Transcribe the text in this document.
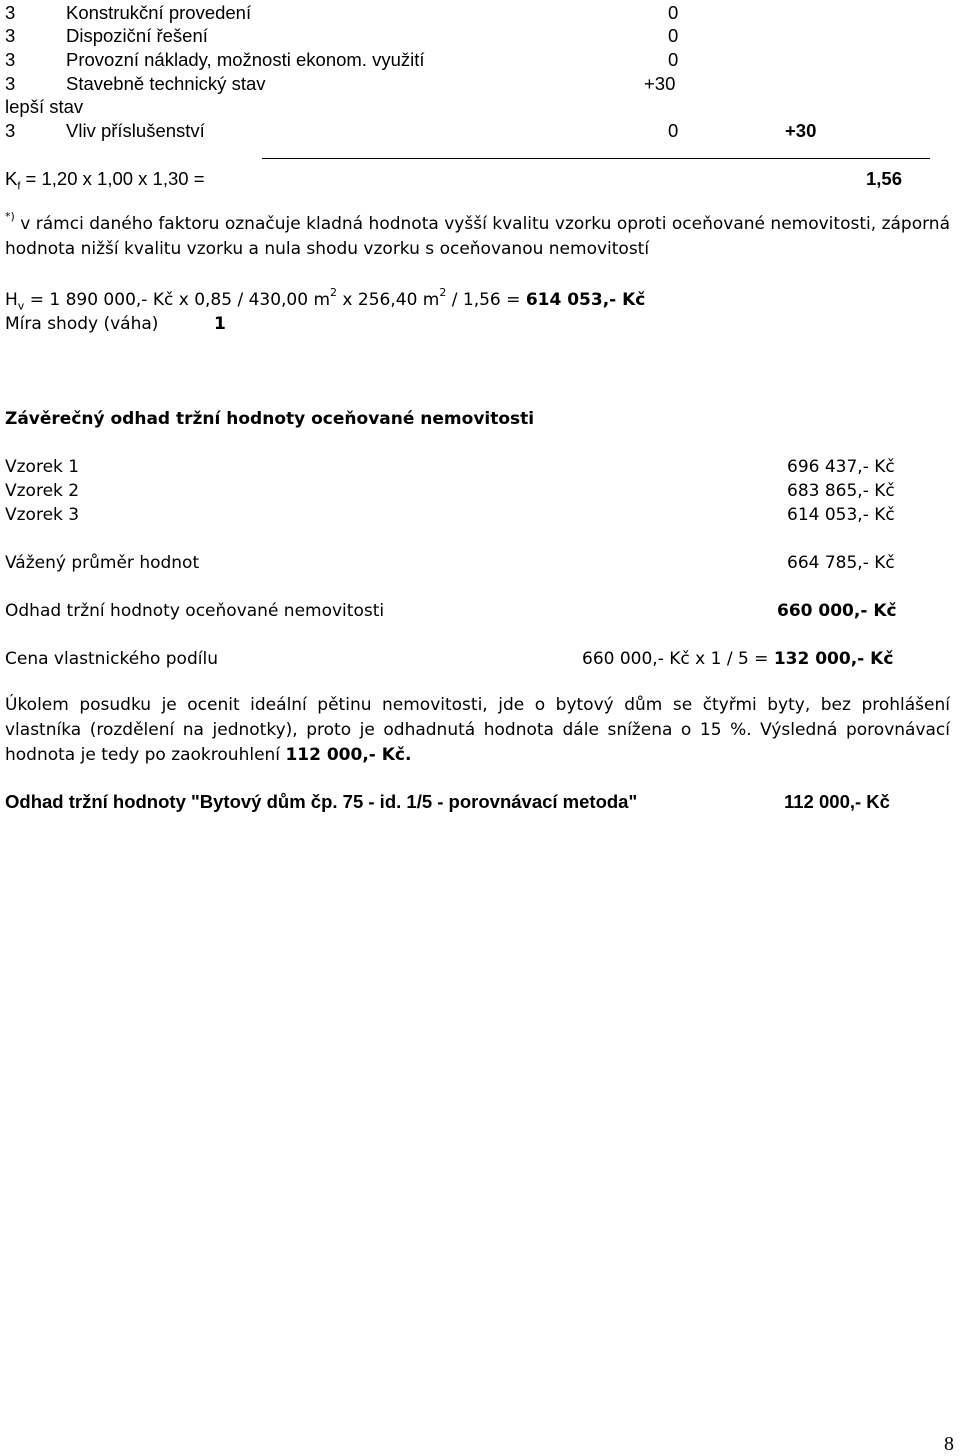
3	Konstrukční provedení	0
3	Dispoziční řešení	0
3	Provozní náklady, možnosti ekonom. využití	0
3	Stavebně technický stav	+30
lepší stav
3	Vliv příslušenství	0	+30
$K_f = 1,20$ x 1,00 x 1,30 =	1,56
*) v rámci daného faktoru označuje kladná hodnota vyšší kvalitu vzorku oproti oceňované nemovitosti, záporná hodnota nižší kvalitu vzorku a nula shodu vzorku s oceňovanou nemovitostí
$H_v = 1$ 890 000,- Kč x 0,85 / 430,00 $m^2$ x 256,40 $m^2 / 1,56 = 614$ 053,- Kč
Míra shody (váha)	1
Závěrečný odhad tržní hodnoty oceňované nemovitosti
Vzorek 1	696 437,- Kč
Vzorek 2	683 865,- Kč
Vzorek 3	614 053,- Kč
Vážený průměr hodnot	664 785,- Kč
Odhad tržní hodnoty oceňované nemovitosti	660 000,- Kč
Cena vlastnického podílu	660 000,- Kč x 1 / 5 = 132 000,- Kč
Úkolem posudku je ocenit ideální pětinu nemovitosti, jde o bytový dům se čtyřmi byty, bez prohlášení vlastníka (rozdělení na jednotky), proto je odhadnutá hodnota dále snížena o 15 %. Výsledná porovnávací hodnota je tedy po zaokrouhlení 112 000,- Kč.
Odhad tržní hodnoty "Bytový dům čp. 75 - id. 1/5 - porovnávací metoda"	112 000,- Kč
8
